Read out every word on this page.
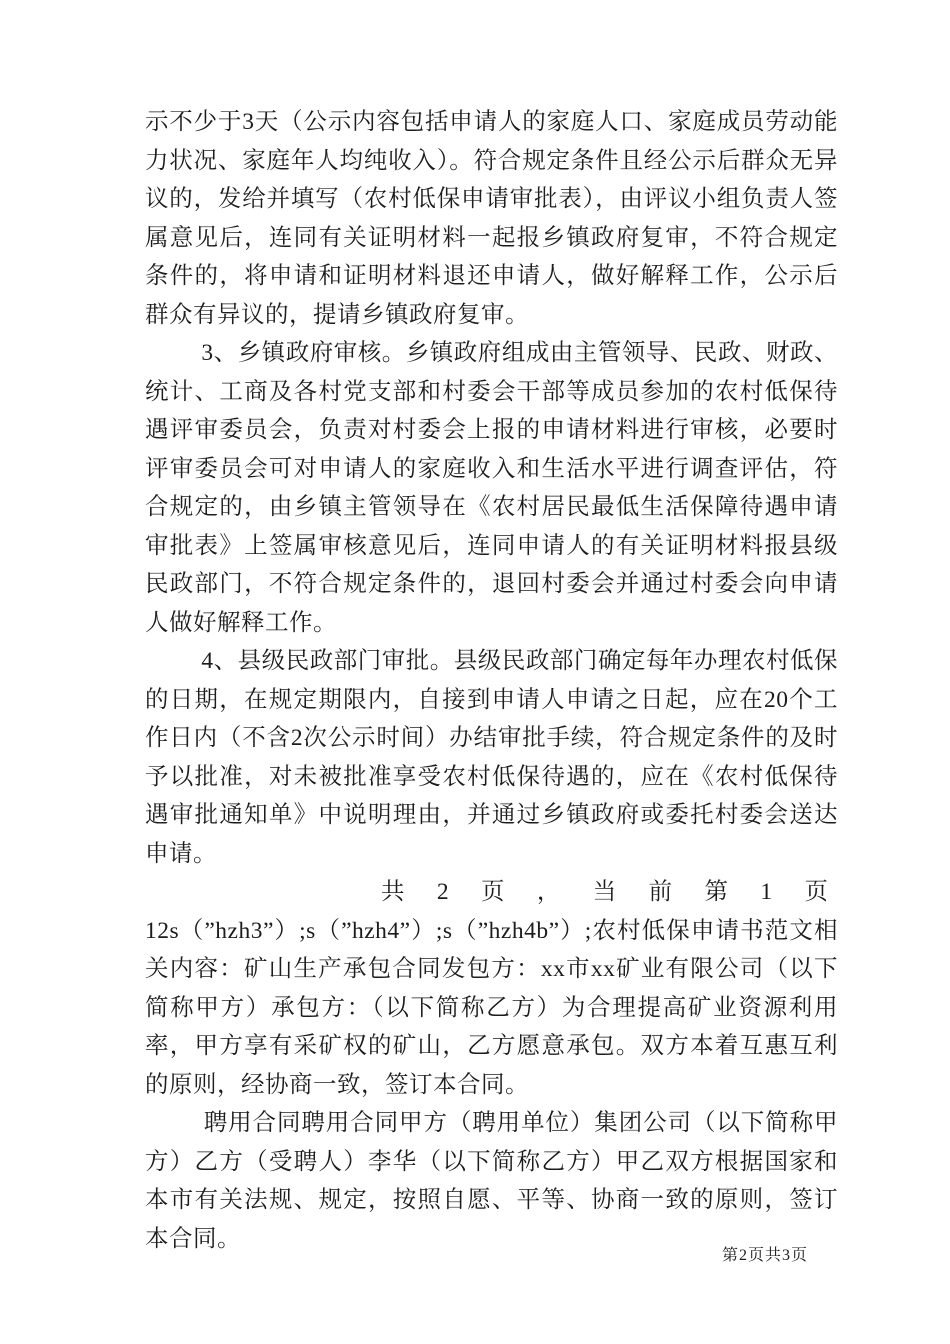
示不少于3天（公示内容包括申请人的家庭人口、家庭成员劳动能力状况、家庭年人均纯收入）。符合规定条件且经公示后群众无异议的，发给并填写（农村低保申请审批表），由评议小组负责人签属意见后，连同有关证明材料一起报乡镇政府复审，不符合规定条件的，将申请和证明材料退还申请人，做好解释工作，公示后群众有异议的，提请乡镇政府复审。

3、乡镇政府审核。乡镇政府组成由主管领导、民政、财政、统计、工商及各村党支部和村委会干部等成员参加的农村低保待遇评审委员会，负责对村委会上报的申请材料进行审核，必要时评审委员会可对申请人的家庭收入和生活水平进行调查评估，符合规定的，由乡镇主管领导在《农村居民最低生活保障待遇申请审批表》上签属审核意见后，连同申请人的有关证明材料报县级民政部门，不符合规定条件的，退回村委会并通过村委会向申请人做好解释工作。

4、县级民政部门审批。县级民政部门确定每年办理农村低保的日期，在规定期限内，自接到申请人申请之日起，应在20个工作日内（不含2次公示时间）办结审批手续，符合规定条件的及时予以批准，对未被批准享受农村低保待遇的，应在《农村低保待遇审批通知单》中说明理由，并通过乡镇政府或委托村委会送达申请。

共 2 页 ， 当 前 第 1 页

12s（”hzh3”）;s（”hzh4”）;s（”hzh4b”）;农村低保申请书范文相关内容：矿山生产承包合同发包方：xx市xx矿业有限公司（以下简称甲方）承包方：（以下简称乙方）为合理提高矿业资源利用率，甲方享有采矿权的矿山，乙方愿意承包。双方本着互惠互利的原则，经协商一致，签订本合同。

聘用合同聘用合同甲方（聘用单位）集团公司（以下简称甲方）乙方（受聘人）李华（以下简称乙方）甲乙双方根据国家和本市有关法规、规定，按照自愿、平等、协商一致的原则，签订本合同。

第2页共3页
